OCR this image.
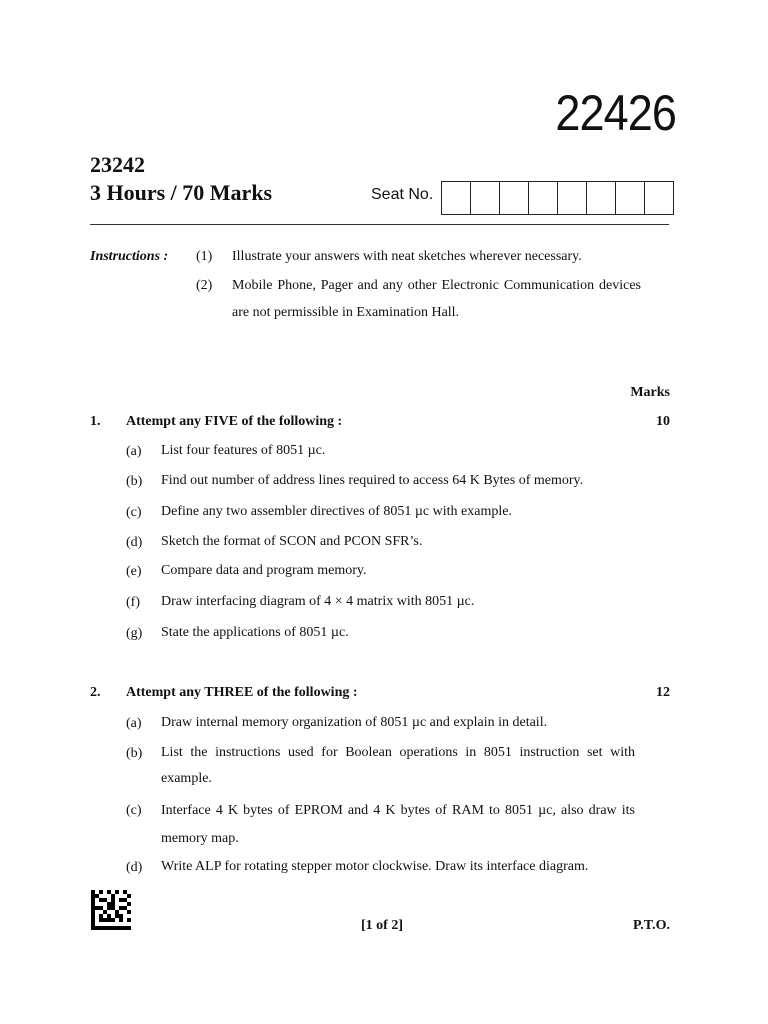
22426
23242
3 Hours / 70 Marks	Seat No.
Instructions : (1) Illustrate your answers with neat sketches wherever necessary.
(2) Mobile Phone, Pager and any other Electronic Communication devices are not permissible in Examination Hall.
Marks
1. Attempt any FIVE of the following :	10
(a) List four features of 8051 µc.
(b) Find out number of address lines required to access 64 K Bytes of memory.
(c) Define any two assembler directives of 8051 µc with example.
(d) Sketch the format of SCON and PCON SFR’s.
(e) Compare data and program memory.
(f) Draw interfacing diagram of 4 × 4 matrix with 8051 µc.
(g) State the applications of 8051 µc.
2. Attempt any THREE of the following :	12
(a) Draw internal memory organization of 8051 µc and explain in detail.
(b) List the instructions used for Boolean operations in 8051 instruction set with example.
(c) Interface 4 K bytes of EPROM and 4 K bytes of RAM to 8051 µc, also draw its memory map.
(d) Write ALP for rotating stepper motor clockwise. Draw its interface diagram.
[1 of 2]	P.T.O.
